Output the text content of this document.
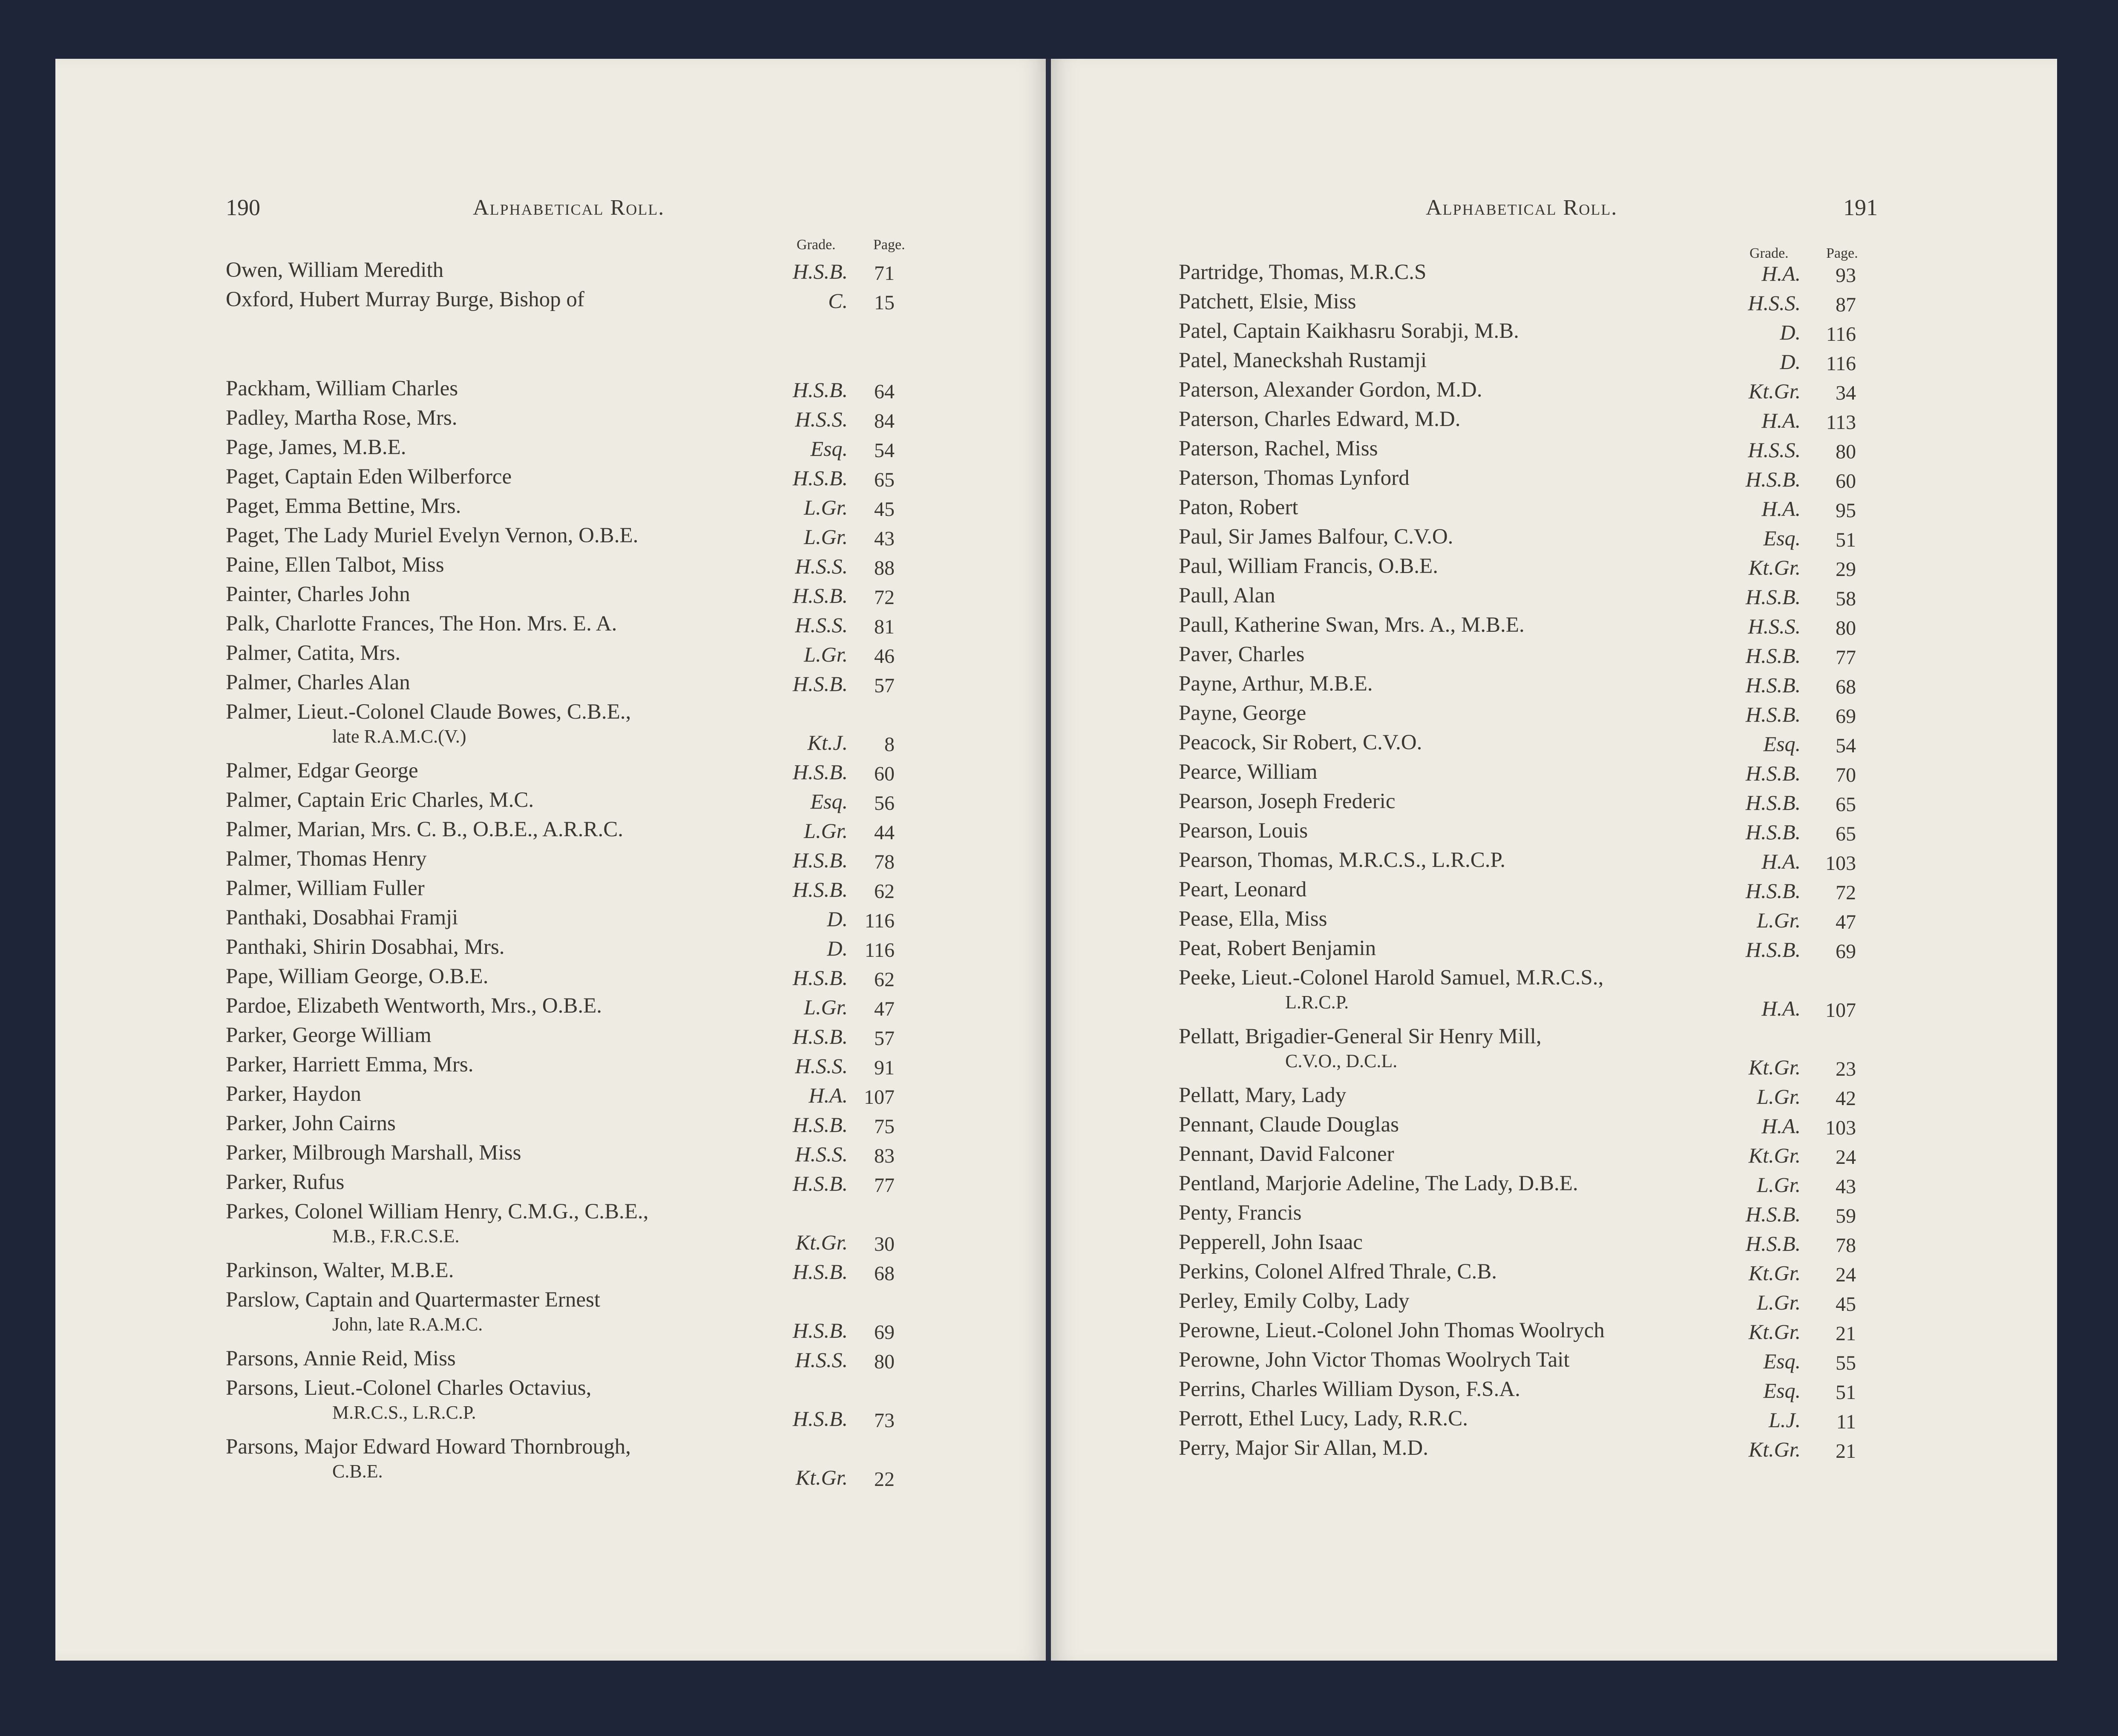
190	Alphabetical Roll.
Grade.	Page.
Owen, William Meredith	H.S.B.	71
Oxford, Hubert Murray Burge, Bishop of	C.	15
Packham, William Charles	H.S.B.	64
Padley, Martha Rose, Mrs.	H.S.S.	84
Page, James, M.B.E.	Esq.	54
Paget, Captain Eden Wilberforce	H.S.B.	65
Paget, Emma Bettine, Mrs.	L.Gr.	45
Paget, The Lady Muriel Evelyn Vernon, O.B.E.	L.Gr.	43
Paine, Ellen Talbot, Miss	H.S.S.	88
Painter, Charles John	H.S.B.	72
Palk, Charlotte Frances, The Hon. Mrs. E. A.	H.S.S.	81
Palmer, Catita, Mrs.	L.Gr.	46
Palmer, Charles Alan	H.S.B.	57
Palmer, Lieut.-Colonel Claude Bowes, C.B.E.,
late R.A.M.C.(V.)	Kt.J.	8
Palmer, Edgar George	H.S.B.	60
Palmer, Captain Eric Charles, M.C.	Esq.	56
Palmer, Marian, Mrs. C. B., O.B.E., A.R.R.C.	L.Gr.	44
Palmer, Thomas Henry	H.S.B.	78
Palmer, William Fuller	H.S.B.	62
Panthaki, Dosabhai Framji	D. 116
Panthaki, Shirin Dosabhai, Mrs.	D. 116
Pape, William George, O.B.E.	H.S.B.	62
Pardoe, Elizabeth Wentworth, Mrs., O.B.E.	L.Gr.	47
Parker, George William	H.S.B.	57
Parker, Harriett Emma, Mrs.	H.S.S.	91
Parker, Haydon	H.A. 107
Parker, John Cairns	H.S.B.	75
Parker, Milbrough Marshall, Miss	H.S.S.	83
Parker, Rufus	H.S.B.	77
Parkes, Colonel William Henry, C.M.G., C.B.E.,
M.B., F.R.C.S.E.	Kt.Gr.	30
Parkinson, Walter, M.B.E.	H.S.B.	68
Parslow, Captain and Quartermaster Ernest
John, late R.A.M.C.	H.S.B.	69
Parsons, Annie Reid, Miss	H.S.S.	80
Parsons, Lieut.-Colonel Charles Octavius,
M.R.C.S., L.R.C.P.	H.S.B.	73
Parsons, Major Edward Howard Thornbrough,
C.B.E.	Kt.Gr.	22
Alphabetical Roll.	191
Grade.	Page.
Partridge, Thomas, M.R.C.S	H.A.	93
Patchett, Elsie, Miss	H.S.S.	87
Patel, Captain Kaikhasru Sorabji, M.B.	D.	116
Patel, Maneckshah Rustamji	D.	116
Paterson, Alexander Gordon, M.D.	Kt.Gr.	34
Paterson, Charles Edward, M.D.	H.A.	113
Paterson, Rachel, Miss	H.S.S.	80
Paterson, Thomas Lynford	H.S.B.	60
Paton, Robert	H.A.	95
Paul, Sir James Balfour, C.V.O.	Esq.	51
Paul, William Francis, O.B.E.	Kt.Gr.	29
Paull, Alan	H.S.B.	58
Paull, Katherine Swan, Mrs. A., M.B.E.	H.S.S.	80
Paver, Charles	H.S.B.	77
Payne, Arthur, M.B.E.	H.S.B.	68
Payne, George	H.S.B.	69
Peacock, Sir Robert, C.V.O.	Esq.	54
Pearce, William	H.S.B.	70
Pearson, Joseph Frederic	H.S.B.	65
Pearson, Louis	H.S.B.	65
Pearson, Thomas, M.R.C.S., L.R.C.P.	H.A.	103
Peart, Leonard	H.S.B.	72
Pease, Ella, Miss	L.Gr.	47
Peat, Robert Benjamin	H.S.B.	69
Peeke, Lieut.-Colonel Harold Samuel, M.R.C.S.,
L.R.C.P.	H.A.	107
Pellatt, Brigadier-General Sir Henry Mill,
C.V.O., D.C.L.	Kt.Gr.	23
Pellatt, Mary, Lady	L.Gr.	42
Pennant, Claude Douglas	H.A.	103
Pennant, David Falconer	Kt.Gr.	24
Pentland, Marjorie Adeline, The Lady, D.B.E.	L.Gr.	43
Penty, Francis	H.S.B.	59
Pepperell, John Isaac	H.S.B.	78
Perkins, Colonel Alfred Thrale, C.B.	Kt.Gr.	24
Perley, Emily Colby, Lady	L.Gr.	45
Perowne, Lieut.-Colonel John Thomas Woolrych	Kt.Gr.	21
Perowne, John Victor Thomas Woolrych Tait	Esq.	55
Perrins, Charles William Dyson, F.S.A.	Esq.	51
Perrott, Ethel Lucy, Lady, R.R.C.	L.J.	11
Perry, Major Sir Allan, M.D.	Kt.Gr.	21
